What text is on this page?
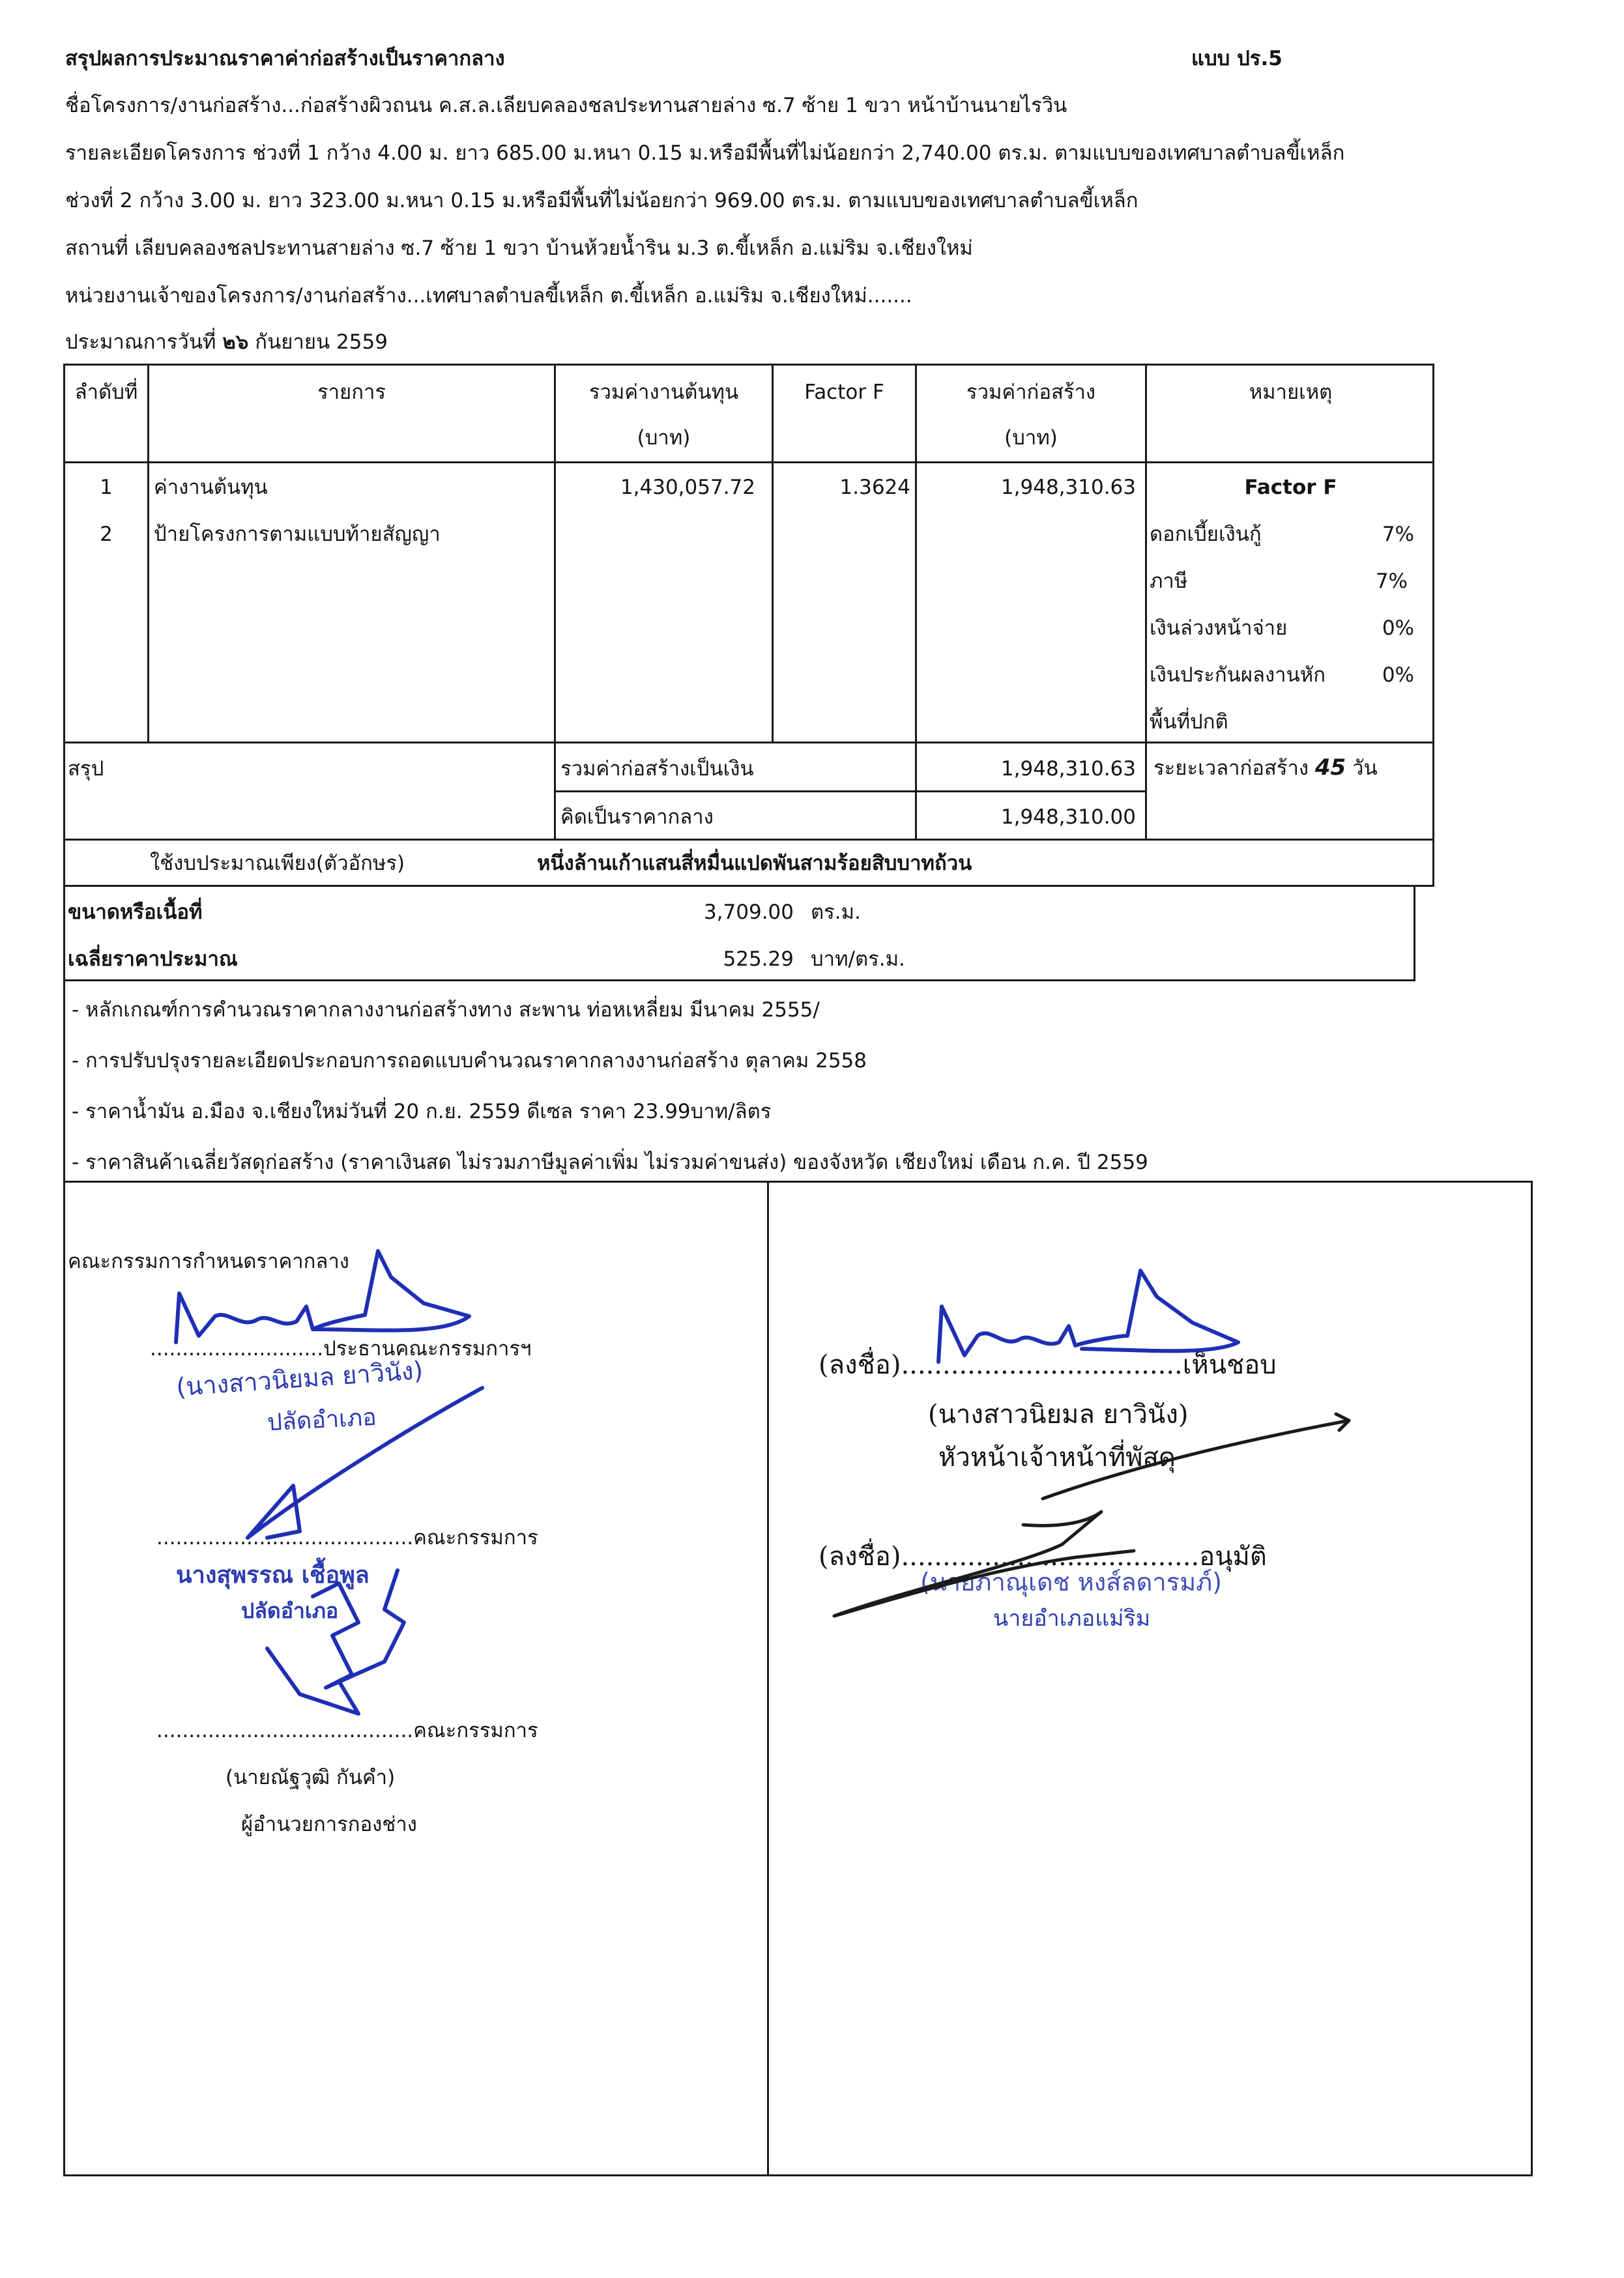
สรุปผลการประมาณราคาค่าก่อสร้างเป็นราคากลาง	แบบ ปร.5
ชื่อโครงการ/งานก่อสร้าง...ก่อสร้างผิวถนน ค.ส.ล.เลียบคลองชลประทานสายล่าง ซ.7 ซ้าย 1 ขวา หน้าบ้านนายไรวิน
รายละเอียดโครงการ ช่วงที่ 1 กว้าง 4.00 ม. ยาว 685.00 ม.หนา 0.15 ม.หรือมีพื้นที่ไม่น้อยกว่า 2,740.00 ตร.ม. ตามแบบของเทศบาลตำบลขี้เหล็ก
ช่วงที่ 2 กว้าง 3.00 ม. ยาว 323.00 ม.หนา 0.15 ม.หรือมีพื้นที่ไม่น้อยกว่า 969.00 ตร.ม. ตามแบบของเทศบาลตำบลขี้เหล็ก
สถานที่ เลียบคลองชลประทานสายล่าง ซ.7 ซ้าย 1 ขวา บ้านห้วยน้ำริน ม.3 ต.ขี้เหล็ก อ.แม่ริม จ.เชียงใหม่
หน่วยงานเจ้าของโครงการ/งานก่อสร้าง...เทศบาลตำบลขี้เหล็ก ต.ขี้เหล็ก อ.แม่ริม จ.เชียงใหม่.......
ประมาณการวันที่ ๒๖ กันยายน 2559
ลำดับที่	รายการ	รวมค่างานต้นทุน
(บาท)
Factor F	รวมค่าก่อสร้าง
(บาท)
หมายเหตุ
1	ค่างานต้นทุน	1,430,057.72	1.3624	1,948,310.63
2	ป้ายโครงการตามแบบท้ายสัญญา
Factor F
ดอกเบี้ยเงินกู้	7%
ภาษี	7%
เงินล่วงหน้าจ่าย	0%
เงินประกันผลงานหัก	0%
พื้นที่ปกติ
สรุป	รวมค่าก่อสร้างเป็นเงิน	1,948,310.63
คิดเป็นราคากลาง	1,948,310.00
ระยะเวลาก่อสร้าง 45 วัน
ใช้งบประมาณเพียง(ตัวอักษร)	หนึ่งล้านเก้าแสนสี่หมื่นแปดพันสามร้อยสิบบาทถ้วน
ขนาดหรือเนื้อที่	3,709.00 ตร.ม.
เฉลี่ยราคาประมาณ	525.29 บาท/ตร.ม.
- หลักเกณฑ์การคำนวณราคากลางงานก่อสร้างทาง สะพาน ท่อหเหลี่ยม มีนาคม 2555/
- การปรับปรุงรายละเอียดประกอบการถอดแบบคำนวณราคากลางงานก่อสร้าง ตุลาคม 2558
- ราคาน้ำมัน อ.มือง จ.เชียงใหม่วันที่ 20 ก.ย. 2559 ดีเซล ราคา 23.99บาท/ลิตร
- ราคาสินค้าเฉลี่ยวัสดุก่อสร้าง (ราคาเงินสด ไม่รวมภาษีมูลค่าเพิ่ม ไม่รวมค่าขนส่ง) ของจังหวัด เชียงใหม่ เดือน ก.ค. ปี 2559
คณะกรรมการกำหนดราคากลาง
...........................ประธานคณะกรรมการฯ
(นางสาวนิยมล ยาวินัง)
ปลัดอำเภอ
........................................คณะกรรมการ
นางสุพรรณ เชื้อพูล
ปลัดอำเภอ
........................................คณะกรรมการ
(นายณัฐวุฒิ กันคำ)
ผู้อำนวยการกองช่าง
(ลงชื่อ)..................................เห็นชอบ
(นางสาวนิยมล ยาวินัง)
หัวหน้าเจ้าหน้าที่พัสดุ
(ลงชื่อ)....................................อนุมัติ
(นายภาณุเดช หงส์ลดารมภ์)
นายอำเภอแม่ริม
